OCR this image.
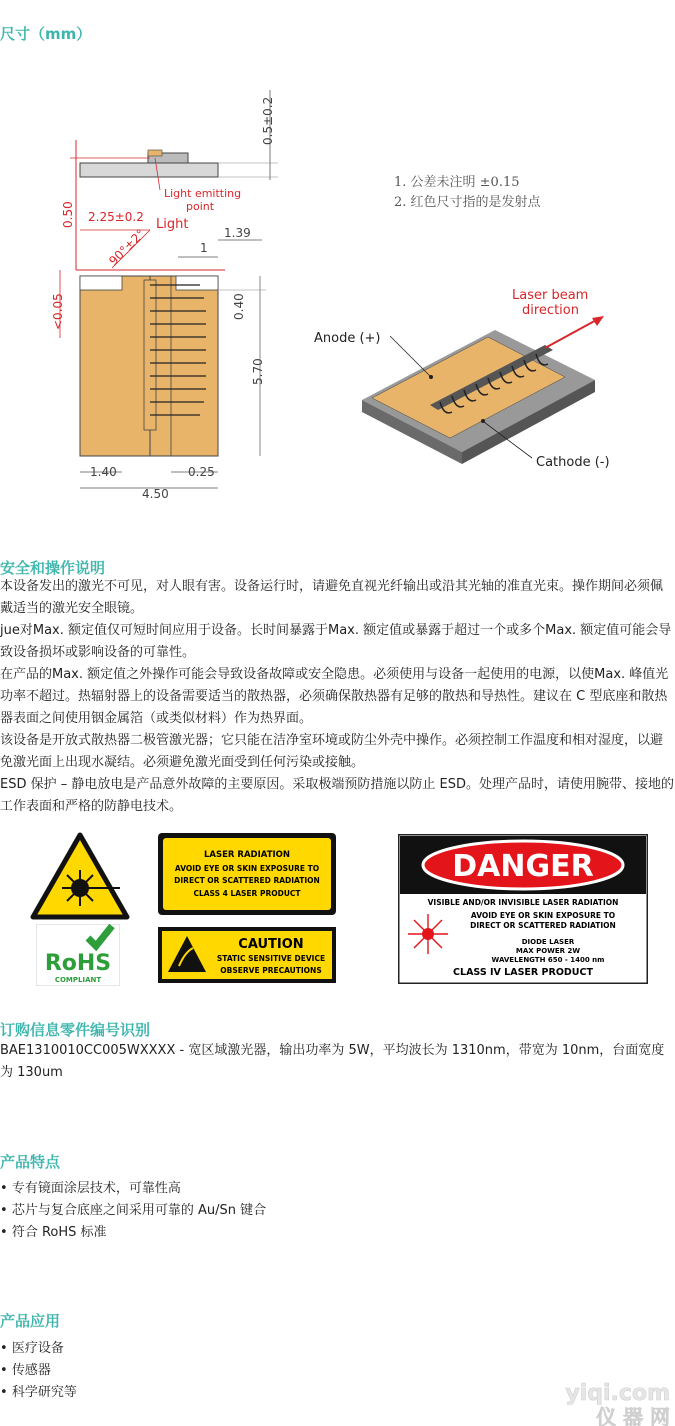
尺寸（mm）
0.5±0.2
0.50
Light emitting
point
2.25±0.2 Light
90°±2°
<0.05
1
1.39
0.40
5.70
1.40	0.25
4.50
1. 公差未注明 ±0.15
2. 红色尺寸指的是发射点
Laser beam
direction
Anode (+)
Cathode (-)
安全和操作说明

本设备发出的激光不可见，对人眼有害。设备运行时，请避免直视光纤输出或沿其光轴的准直光束。操作期间必须佩戴适当的激光安全眼镜。

jue对Max. 额定值仅可短时间应用于设备。长时间暴露于Max. 额定值或暴露于超过一个或多个Max. 额定值可能会导致设备损坏或影响设备的可靠性。

在产品的Max. 额定值之外操作可能会导致设备故障或安全隐患。必须使用与设备一起使用的电源，以使Max. 峰值光功率不超过。热辐射器上的设备需要适当的散热器，必须确保散热器有足够的散热和导热性。建议在 C 型底座和散热器表面之间使用铟金属箔（或类似材料）作为热界面。

该设备是开放式散热器二极管激光器；它只能在洁净室环境或防尘外壳中操作。必须控制工作温度和相对湿度，以避免激光面上出现水凝结。必须避免激光面受到任何污染或接触。

ESD 保护 – 静电放电是产品意外故障的主要原因。采取极端预防措施以防止 ESD。处理产品时，请使用腕带、接地的工作表面和严格的防静电技术。

LASER RADIATION
AVOID EYE OR SKIN EXPOSURE TO
DIRECT OR SCATTERED RADIATION
CLASS 4 LASER PRODUCT
RoHS
COMPLIANT
CAUTION
STATIC SENSITIVE DEVICE
OBSERVE PRECAUTIONS
DANGER
VISIBLE AND/OR INVISIBLE LASER RADIATION
AVOID EYE OR SKIN EXPOSURE TO
DIRECT OR SCATTERED RADIATION
DIODE LASER
MAX POWER 2W
WAVELENGTH 650 - 1400 nm
CLASS IV LASER PRODUCT
订购信息零件编号识别
BAE1310010CC005WXXXX - 宽区域激光器，输出功率为 5W，平均波长为 1310nm，带宽为 10nm，台面宽度为 130um
产品特点
• 专有镜面涂层技术，可靠性高
• 芯片与复合底座之间采用可靠的 Au/Sn 键合
• 符合 RoHS 标准
产品应用
• 医疗设备
• 传感器
• 科学研究等	yiqi.com
仪 器 网
